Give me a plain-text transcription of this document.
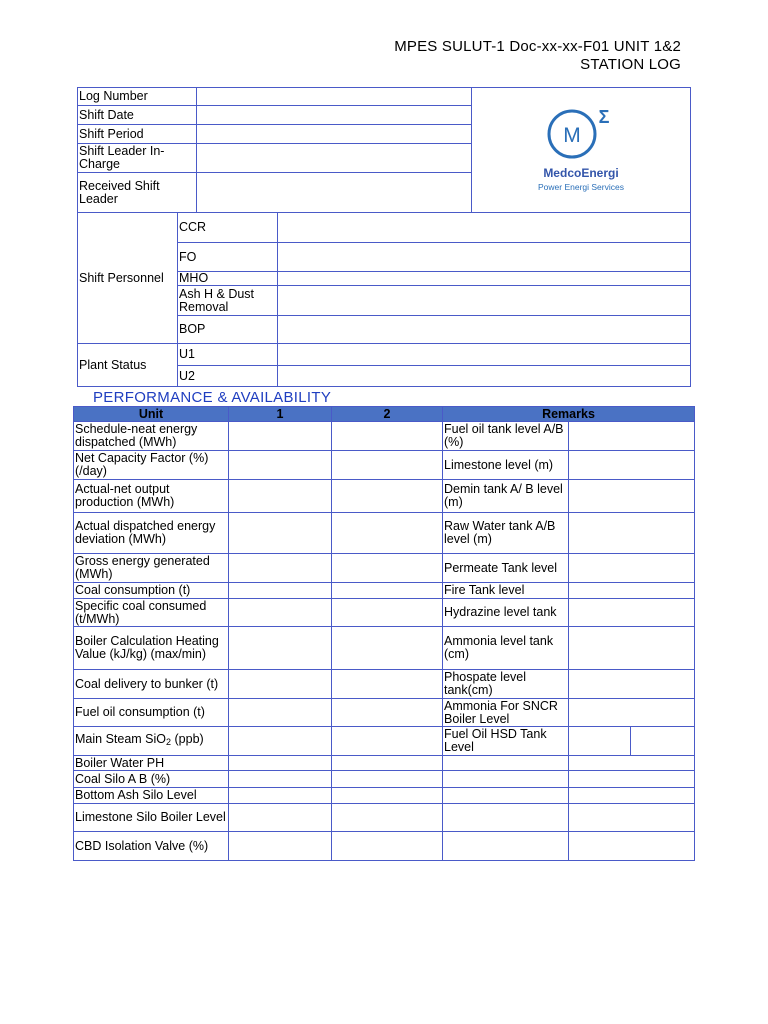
MPES SULUT-1 Doc-xx-xx-F01 UNIT 1&2
STATION LOG
Log Number				M
Σ
MedcoEnergi
Power Energi Services

Shift Date				
Shift Period				
Shift Leader In-Charge				
Received Shift Leader				
Shift Personnel	CCR			
	FO			
	MHO			
	Ash H & Dust Removal			
	BOP			
Plant Status	U1			
	U2			
PERFORMANCE & AVAILABILITY
Unit	1	2	Remarks		
Schedule-neat energy dispatched (MWh)			Fuel oil tank level A/B (%)		
Net Capacity Factor (%) (/day)			Limestone level (m)		
Actual-net output production (MWh)			Demin tank A/ B level (m)		
Actual dispatched energy deviation (MWh)			Raw Water tank A/B level (m)		
Gross energy generated (MWh)			Permeate Tank level		
Coal consumption (t)			Fire Tank level		
Specific coal consumed (t/MWh)			Hydrazine level tank		
Boiler Calculation Heating Value (kJ/kg) (max/min)			Ammonia level tank (cm)		
Coal delivery to bunker (t)			Phospate level tank(cm)		
Fuel oil consumption (t)			Ammonia For SNCR Boiler Level		
Main Steam SiO$_2$ (ppb)			Fuel Oil HSD Tank Level		
Boiler Water PH					
Coal Silo A B (%)		

Bottom Ash Silo Level					
Limestone Silo Boiler Level					
CBD Isolation Valve (%)					
